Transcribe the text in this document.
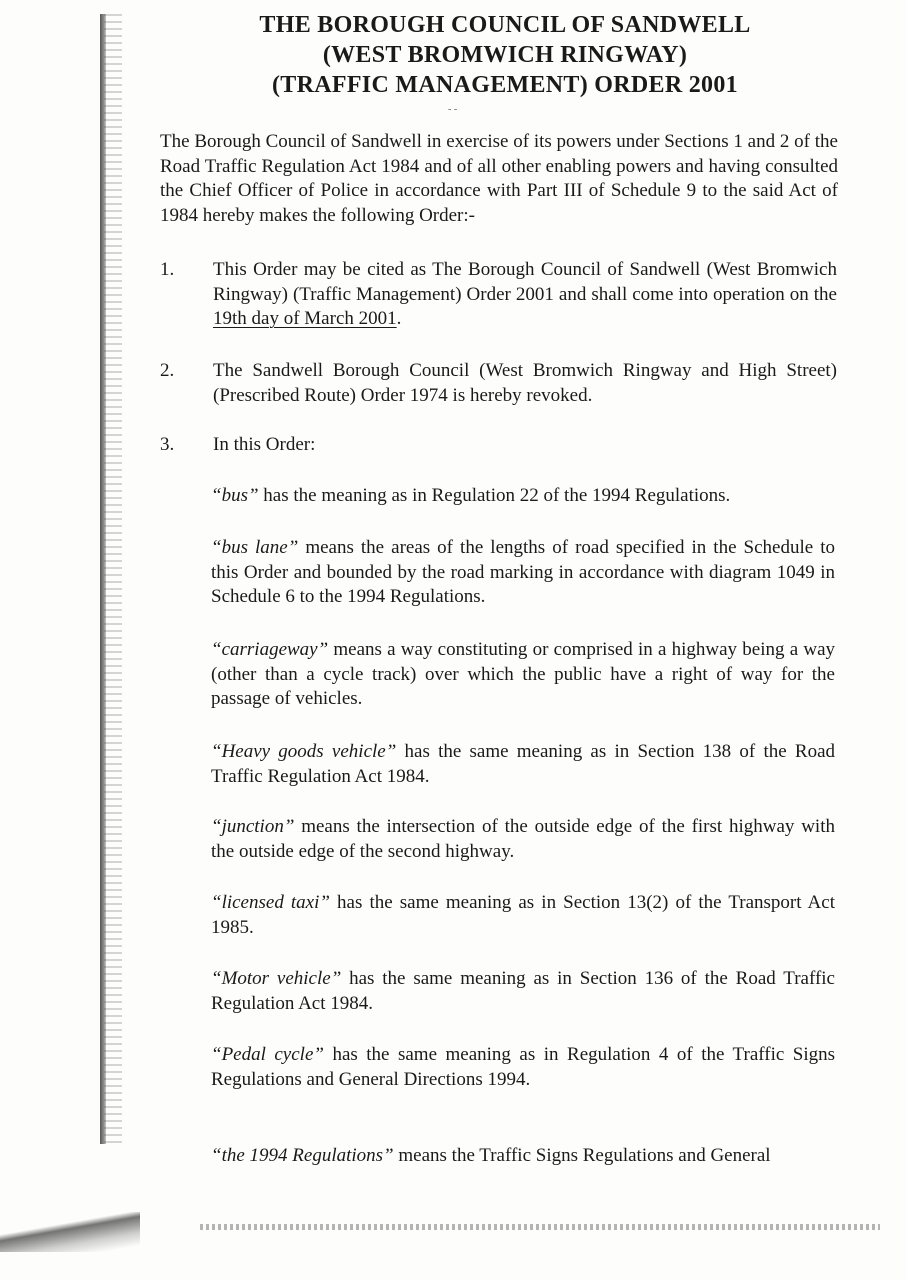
THE BOROUGH COUNCIL OF SANDWELL
(WEST BROMWICH RINGWAY)
(TRAFFIC MANAGEMENT) ORDER 2001
- -
The Borough Council of Sandwell in exercise of its powers under Sections 1 and 2 of the Road Traffic Regulation Act 1984 and of all other enabling powers and having consulted the Chief Officer of Police in accordance with Part III of Schedule 9 to the said Act of 1984 hereby makes the following Order:-
1. This Order may be cited as The Borough Council of Sandwell (West Bromwich Ringway) (Traffic Management) Order 2001 and shall come into operation on the 19th day of March 2001.
2. The Sandwell Borough Council (West Bromwich Ringway and High Street) (Prescribed Route) Order 1974 is hereby revoked.
3. In this Order:
“bus” has the meaning as in Regulation 22 of the 1994 Regulations.
“bus lane” means the areas of the lengths of road specified in the Schedule to this Order and bounded by the road marking in accordance with diagram 1049 in Schedule 6 to the 1994 Regulations.
“carriageway” means a way constituting or comprised in a highway being a way (other than a cycle track) over which the public have a right of way for the passage of vehicles.
“Heavy goods vehicle” has the same meaning as in Section 138 of the Road Traffic Regulation Act 1984.
“junction” means the intersection of the outside edge of the first highway with the outside edge of the second highway.
“licensed taxi” has the same meaning as in Section 13(2) of the Transport Act 1985.
“Motor vehicle” has the same meaning as in Section 136 of the Road Traffic Regulation Act 1984.
“Pedal cycle” has the same meaning as in Regulation 4 of the Traffic Signs Regulations and General Directions 1994.
“the 1994 Regulations” means the Traffic Signs Regulations and General
